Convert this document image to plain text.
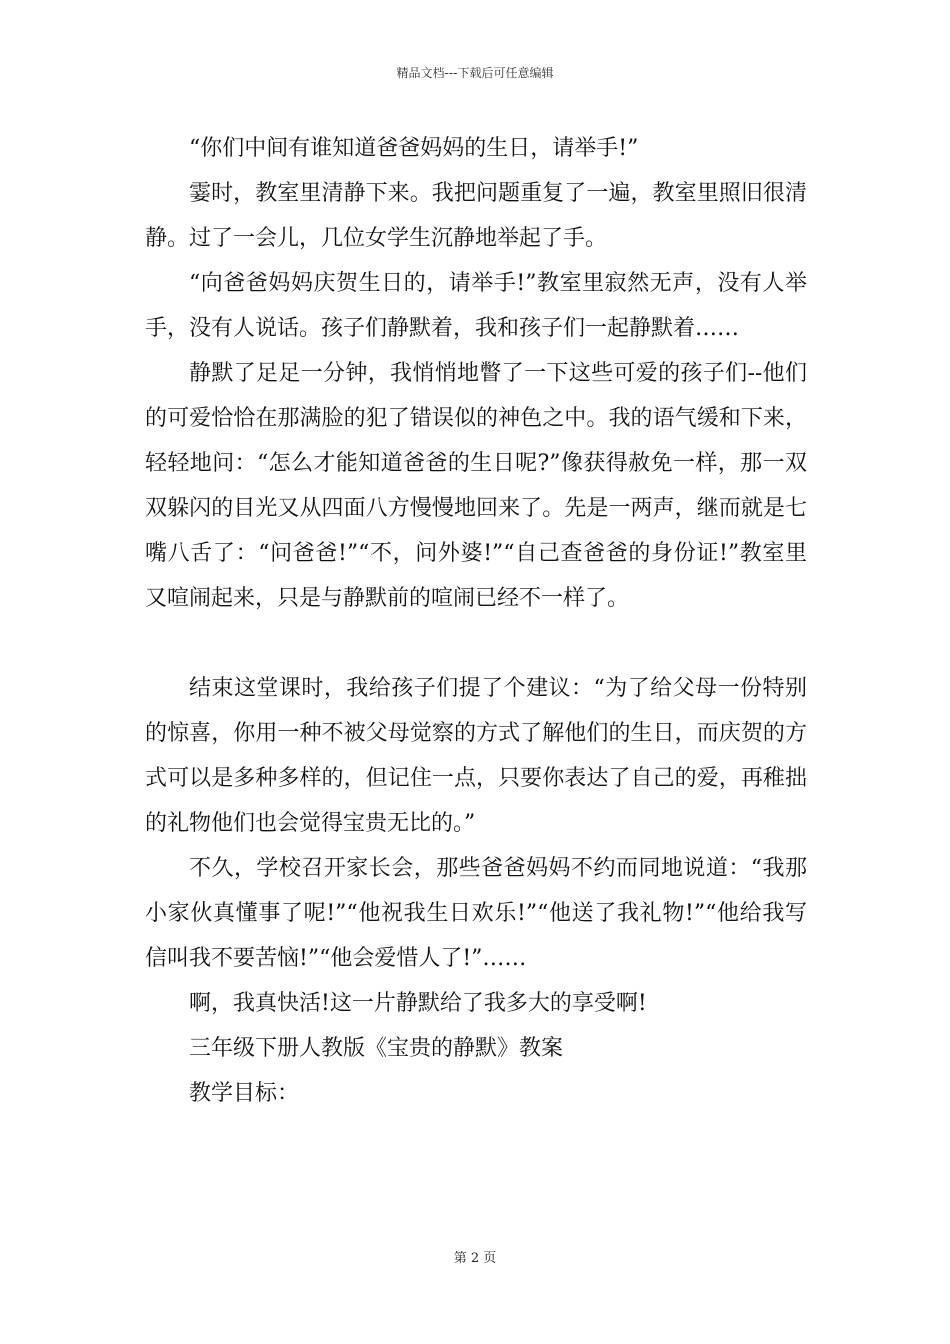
精品文档---下载后可任意编辑

“你们中间有谁知道爸爸妈妈的生日，请举手!”

霎时，教室里清静下来。我把问题重复了一遍，教室里照旧很清静。过了一会儿，几位女学生沉静地举起了手。

“向爸爸妈妈庆贺生日的，请举手!”教室里寂然无声，没有人举手，没有人说话。孩子们静默着，我和孩子们一起静默着……

静默了足足一分钟，我悄悄地瞥了一下这些可爱的孩子们--他们的可爱恰恰在那满脸的犯了错误似的神色之中。我的语气缓和下来，轻轻地问：“怎么才能知道爸爸的生日呢?”像获得赦免一样，那一双双躲闪的目光又从四面八方慢慢地回来了。先是一两声，继而就是七嘴八舌了：“问爸爸!”“不，问外婆!”“自己查爸爸的身份证!”教室里又喧闹起来，只是与静默前的喧闹已经不一样了。

结束这堂课时，我给孩子们提了个建议：“为了给父母一份特别的惊喜，你用一种不被父母觉察的方式了解他们的生日，而庆贺的方式可以是多种多样的，但记住一点，只要你表达了自己的爱，再稚拙的礼物他们也会觉得宝贵无比的。”

不久，学校召开家长会，那些爸爸妈妈不约而同地说道：“我那小家伙真懂事了呢!”“他祝我生日欢乐!”“他送了我礼物!”“他给我写信叫我不要苦恼!”“他会爱惜人了!”……

啊，我真快活!这一片静默给了我多大的享受啊!

三年级下册人教版《宝贵的静默》教案

教学目标：

第 2 页
